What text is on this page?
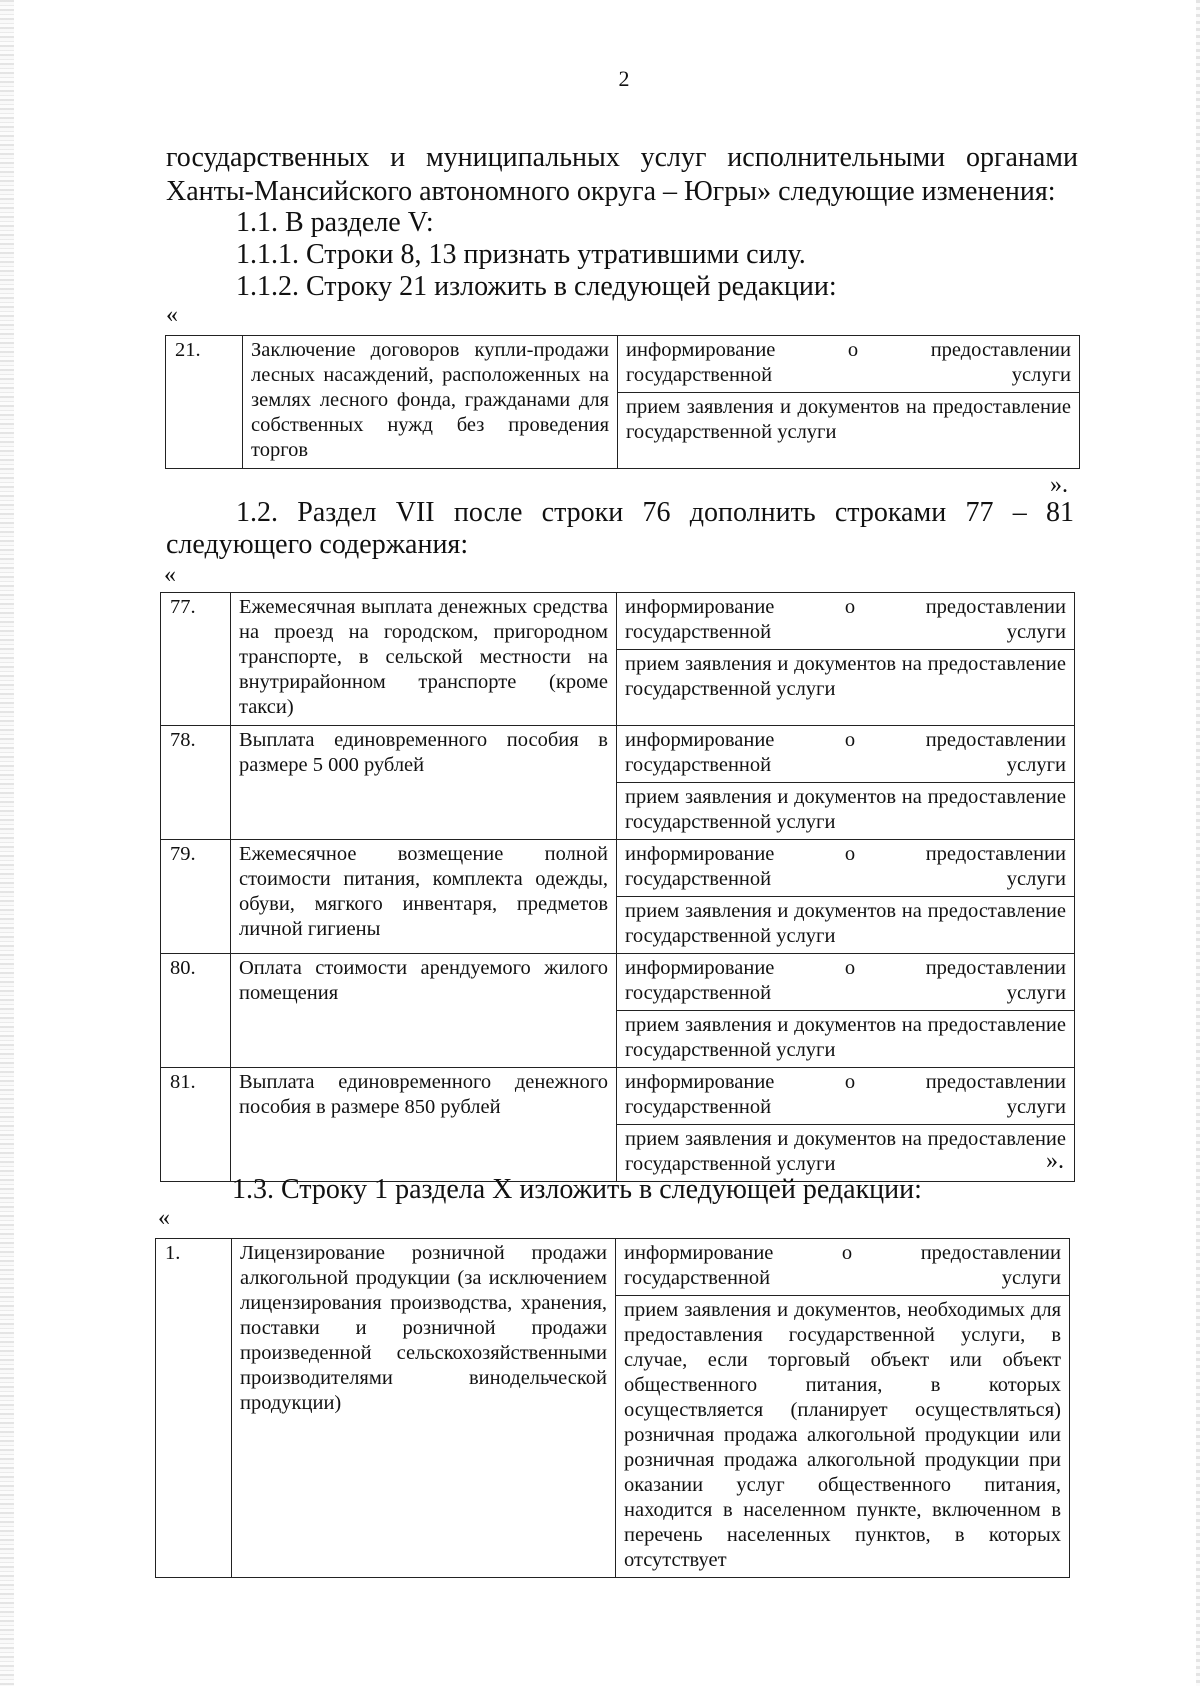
2
государственных и муниципальных услуг исполнительными органами
Ханты-Мансийского автономного округа – Югры» следующие изменения:
1.1. В разделе V:
1.1.1. Строки 8, 13 признать утратившими силу.
1.1.2. Строку 21 изложить в следующей редакции:
«
21.	Заключение договоров купли-продажи лесных насаждений, расположенных на землях лесного фонда, гражданами для собственных нужд без проведения торгов	информирование о предоставлении государственной услуги
прием заявления и документов на предоставление государственной услуги
».
1.2. Раздел VII после строки 76 дополнить строками 77 – 81
следующего содержания:
«
77.	Ежемесячная выплата денежных средства на проезд на городском, пригородном транспорте, в сельской местности на внутрирайонном транспорте (кроме такси)	информирование о предоставлении государственной услуги
		прием заявления и документов на предоставление государственной услуги
78.	Выплата единовременного пособия в размере 5 000 рублей	информирование о предоставлении государственной услуги
		прием заявления и документов на предоставление государственной услуги
79.	Ежемесячное возмещение полной стоимости питания, комплекта одежды, обуви, мягкого инвентаря, предметов личной гигиены	информирование о предоставлении государственной услуги
		прием заявления и документов на предоставление государственной услуги
80.	Оплата стоимости арендуемого жилого помещения	информирование о предоставлении государственной услуги
		прием заявления и документов на предоставление государственной услуги
81.	Выплата единовременного денежного пособия в размере 850 рублей	информирование о предоставлении государственной услуги
		прием заявления и документов на предоставление государственной услуги	».
1.3. Строку 1 раздела X изложить в следующей редакции:
«
1.	Лицензирование розничной продажи алкогольной продукции (за исключением лицензирования производства, хранения, поставки и розничной продажи произведенной сельскохозяйственными производителями винодельческой продукции)	информирование о предоставлении государственной услуги
прием заявления и документов, необходимых для предоставления государственной услуги, в случае, если торговый объект или объект общественного питания, в которых осуществляется (планирует осуществляться) розничная продажа алкогольной продукции или розничная продажа алкогольной продукции при оказании услуг общественного питания, находится в населенном пункте, включенном в перечень населенных пунктов, в которых отсутствует
